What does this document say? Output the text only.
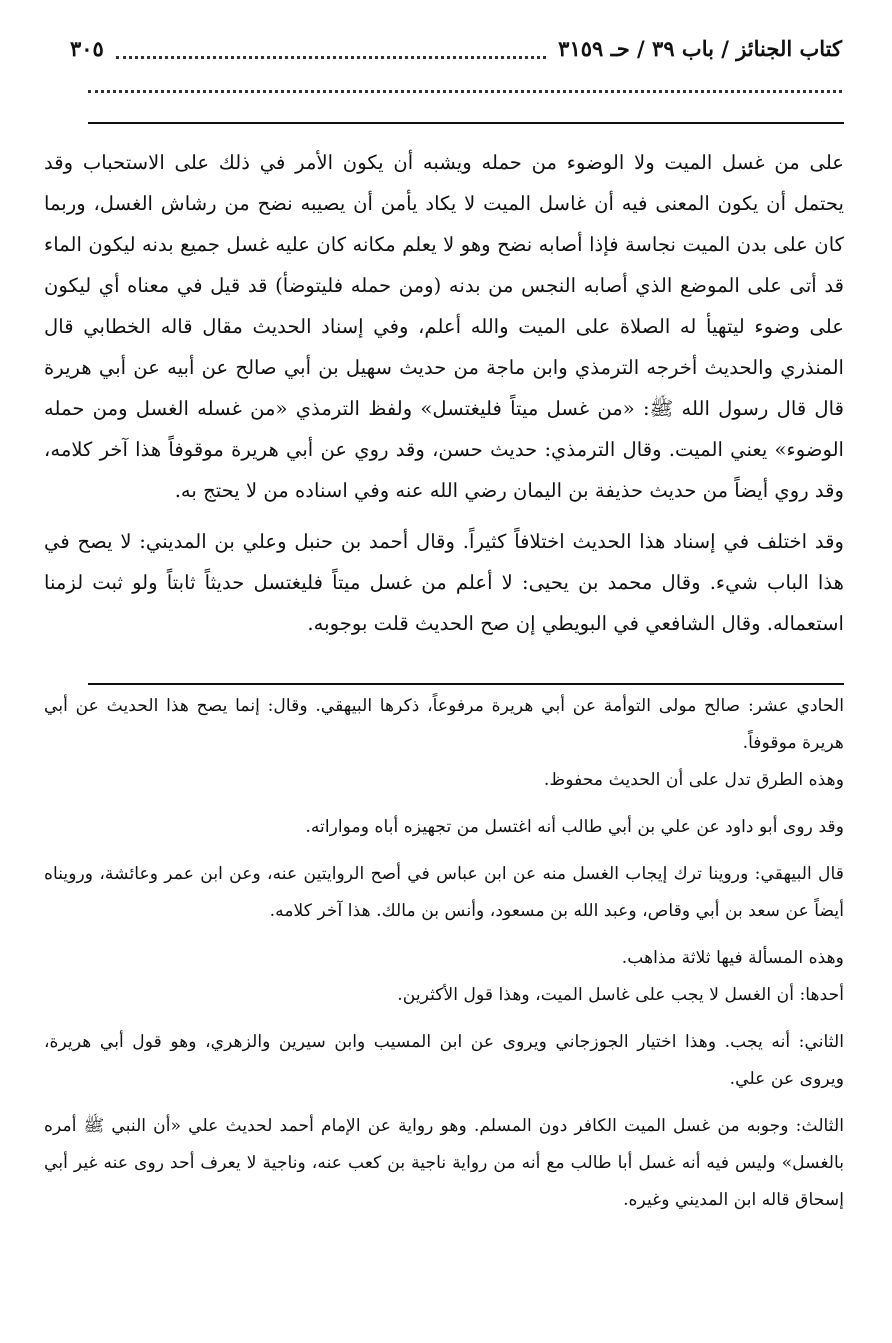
كتاب الجنائز / باب ٣٩ / حـ ٣١٥٩
٣٠٥

على من غسل الميت ولا الوضوء من حمله ويشبه أن يكون الأمر في ذلك على الاستحباب وقد يحتمل أن يكون المعنى فيه أن غاسل الميت لا يكاد يأمن أن يصيبه نضح من رشاش الغسل، وربما كان على بدن الميت نجاسة فإذا أصابه نضح وهو لا يعلم مكانه كان عليه غسل جميع بدنه ليكون الماء قد أتى على الموضع الذي أصابه النجس من بدنه (ومن حمله فليتوضأ) قد قيل في معناه أي ليكون على وضوء ليتهيأ له الصلاة على الميت والله أعلم، وفي إسناد الحديث مقال قاله الخطابي قال المنذري والحديث أخرجه الترمذي وابن ماجة من حديث سهيل بن أبي صالح عن أبيه عن أبي هريرة قال قال رسول الله ﷺ: «من غسل ميتاً فليغتسل» ولفظ الترمذي «من غسله الغسل ومن حمله الوضوء» يعني الميت. وقال الترمذي: حديث حسن، وقد روي عن أبي هريرة موقوفاً هذا آخر كلامه، وقد روي أيضاً من حديث حذيفة بن اليمان رضي الله عنه وفي اسناده من لا يحتج به.

وقد اختلف في إسناد هذا الحديث اختلافاً كثيراً. وقال أحمد بن حنبل وعلي بن المديني: لا يصح في هذا الباب شيء. وقال محمد بن يحيى: لا أعلم من غسل ميتاً فليغتسل حديثاً ثابتاً ولو ثبت لزمنا استعماله. وقال الشافعي في البويطي إن صح الحديث قلت بوجوبه.

الحادي عشر: صالح مولى التوأمة عن أبي هريرة مرفوعاً، ذكرها البيهقي. وقال: إنما يصح هذا الحديث عن أبي هريرة موقوفاً.

وهذه الطرق تدل على أن الحديث محفوظ.

وقد روى أبو داود عن علي بن أبي طالب أنه اغتسل من تجهيزه أباه ومواراته.

قال البيهقي: وروينا ترك إيجاب الغسل منه عن ابن عباس في أصح الروايتين عنه، وعن ابن عمر وعائشة، ورويناه أيضاً عن سعد بن أبي وقاص، وعبد الله بن مسعود، وأنس بن مالك. هذا آخر كلامه.

وهذه المسألة فيها ثلاثة مذاهب.

أحدها: أن الغسل لا يجب على غاسل الميت، وهذا قول الأكثرين.

الثاني: أنه يجب. وهذا اختيار الجوزجاني ويروى عن ابن المسيب وابن سيرين والزهري، وهو قول أبي هريرة، ويروى عن علي.

الثالث: وجوبه من غسل الميت الكافر دون المسلم. وهو رواية عن الإمام أحمد لحديث علي «أن النبي ﷺ أمره بالغسل» وليس فيه أنه غسل أبا طالب مع أنه من رواية ناجية بن كعب عنه، وناجية لا يعرف أحد روى عنه غير أبي إسحاق قاله ابن المديني وغيره.
